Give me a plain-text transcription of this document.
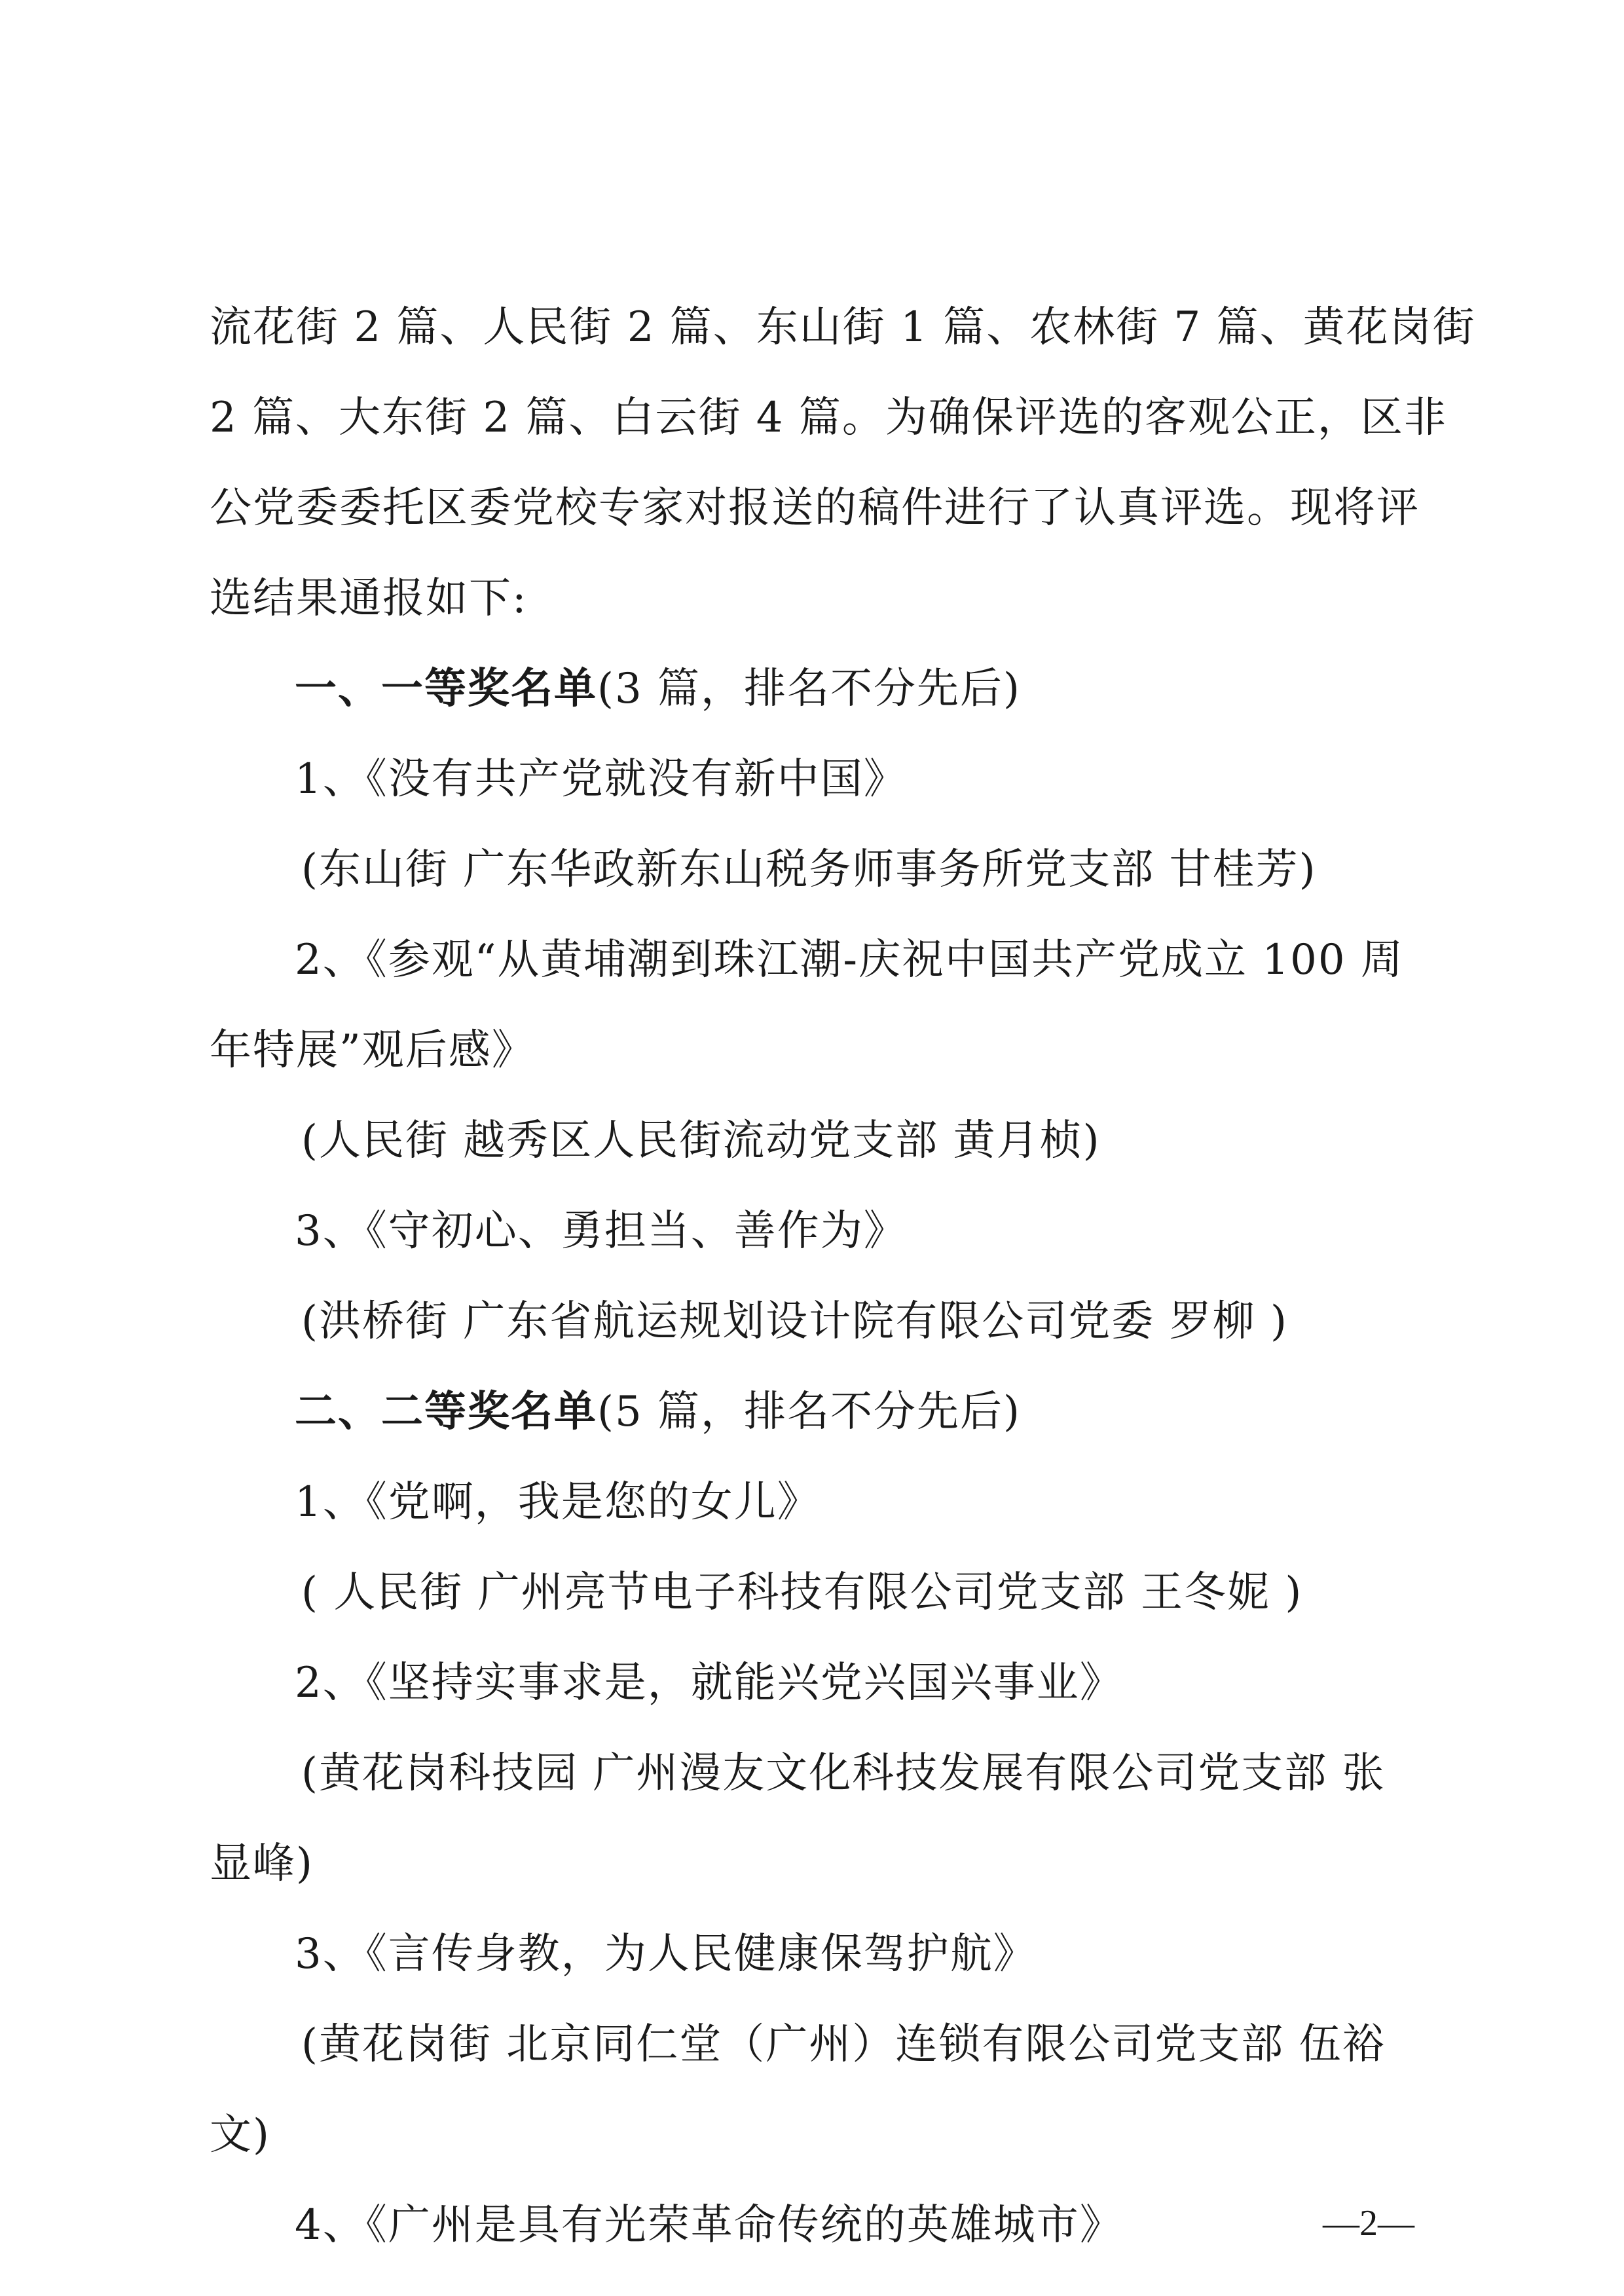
流花街 2 篇、人民街 2 篇、东山街 1 篇、农林街 7 篇、黄花岗街
2 篇、大东街 2 篇、白云街 4 篇。为确保评选的客观公正，区非
公党委委托区委党校专家对报送的稿件进行了认真评选。现将评
选结果通报如下:
一、一等奖名单(3 篇，排名不分先后)
1、《没有共产党就没有新中国》
(东山街 广东华政新东山税务师事务所党支部 甘桂芳)
2、《参观“从黄埔潮到珠江潮-庆祝中国共产党成立 100 周
年特展”观后感》
(人民街 越秀区人民街流动党支部 黄月桢)
3、《守初心、勇担当、善作为》
(洪桥街 广东省航运规划设计院有限公司党委 罗柳 )
二、二等奖名单(5 篇，排名不分先后)
1、《党啊，我是您的女儿》
( 人民街 广州亮节电子科技有限公司党支部 王冬妮 )
2、《坚持实事求是，就能兴党兴国兴事业》
(黄花岗科技园 广州漫友文化科技发展有限公司党支部 张
显峰)
3、《言传身教，为人民健康保驾护航》
(黄花岗街 北京同仁堂（广州）连锁有限公司党支部 伍裕
文)
4、《广州是具有光荣革命传统的英雄城市》	—2—
